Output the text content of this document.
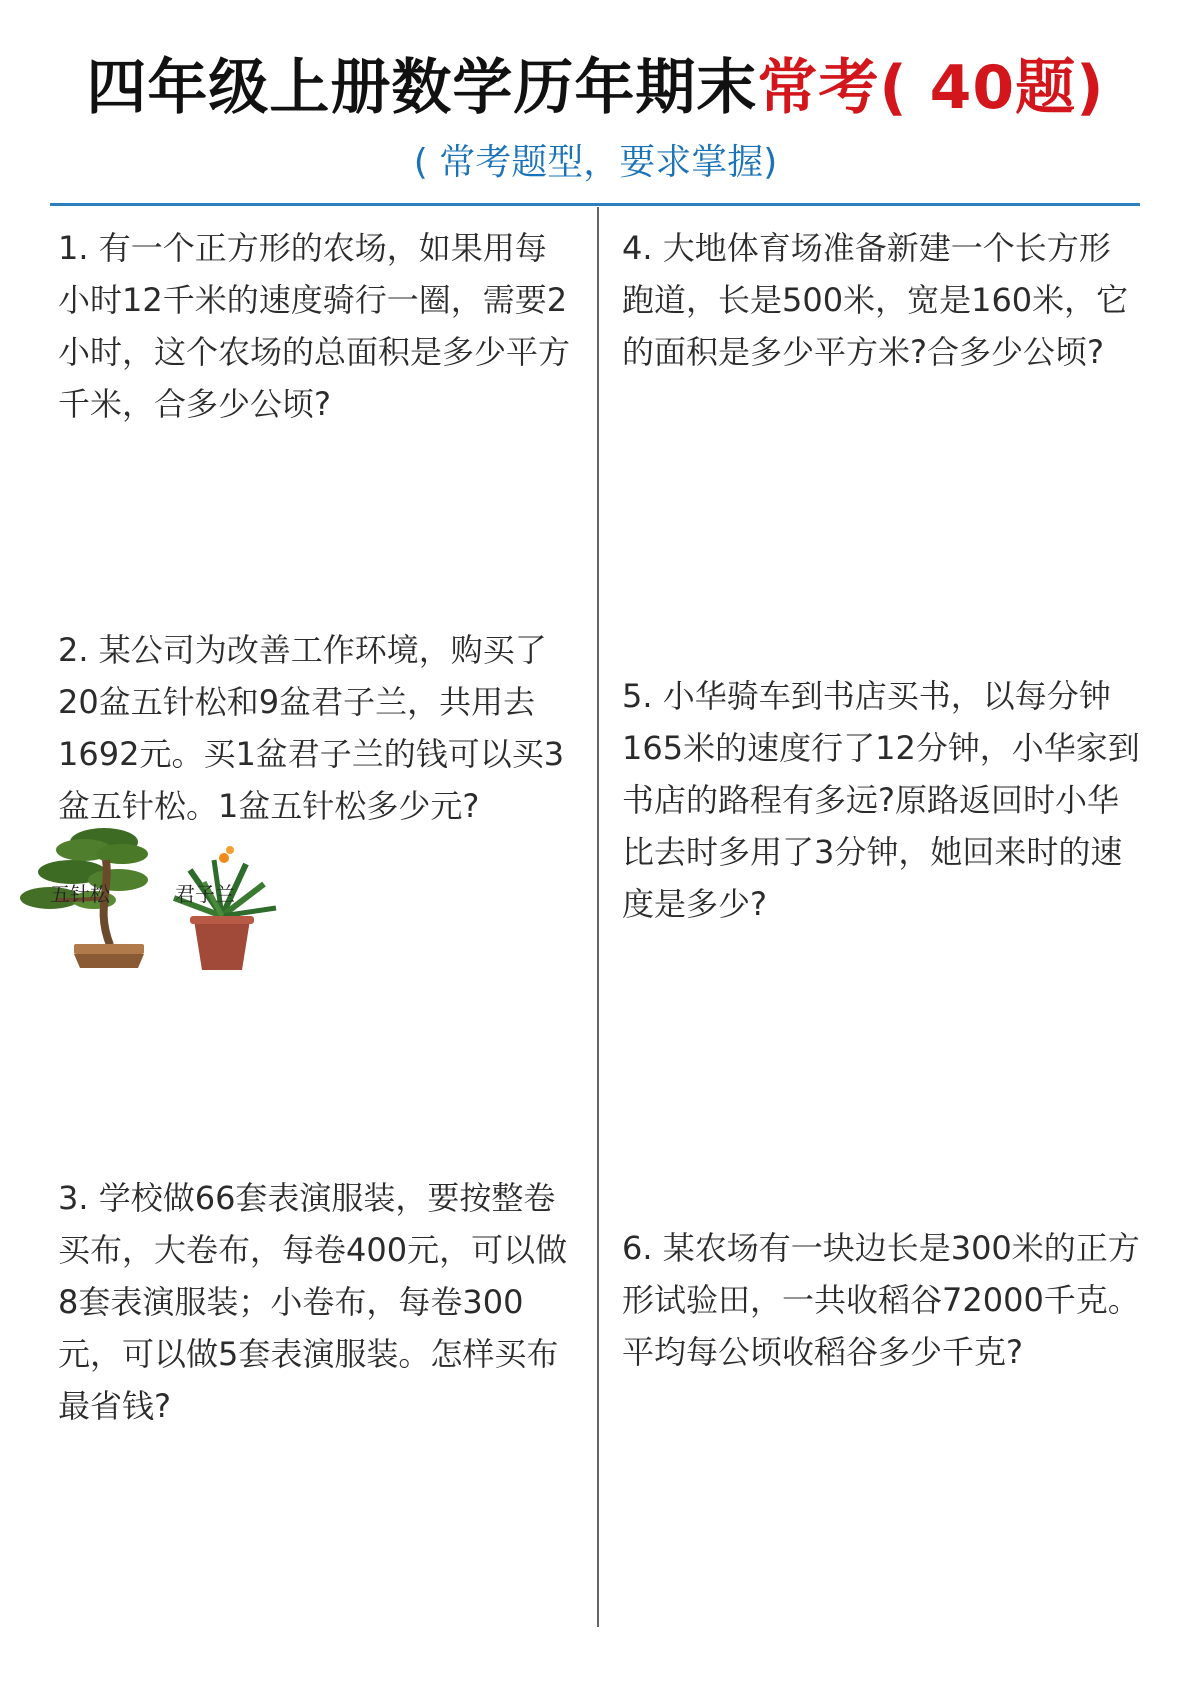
四年级上册数学历年期末常考( 40题)
( 常考题型，要求掌握)
1. 有一个正方形的农场，如果用每小时12千米的速度骑行一圈，需要2小时，这个农场的总面积是多少平方千米，合多少公顷?
2. 某公司为改善工作环境，购买了20盆五针松和9盆君子兰，共用去1692元。买1盆君子兰的钱可以买3盆五针松。1盆五针松多少元?
3. 学校做66套表演服装，要按整卷买布，大卷布，每卷400元，可以做8套表演服装；小卷布，每卷300元，可以做5套表演服装。怎样买布最省钱?
4. 大地体育场准备新建一个长方形跑道，长是500米，宽是160米，它的面积是多少平方米?合多少公顷?
5. 小华骑车到书店买书，以每分钟165米的速度行了12分钟，小华家到书店的路程有多远?原路返回时小华比去时多用了3分钟，她回来时的速度是多少?
6. 某农场有一块边长是300米的正方形试验田，一共收稻谷72000千克。平均每公顷收稻谷多少千克?
五针松	君子兰
